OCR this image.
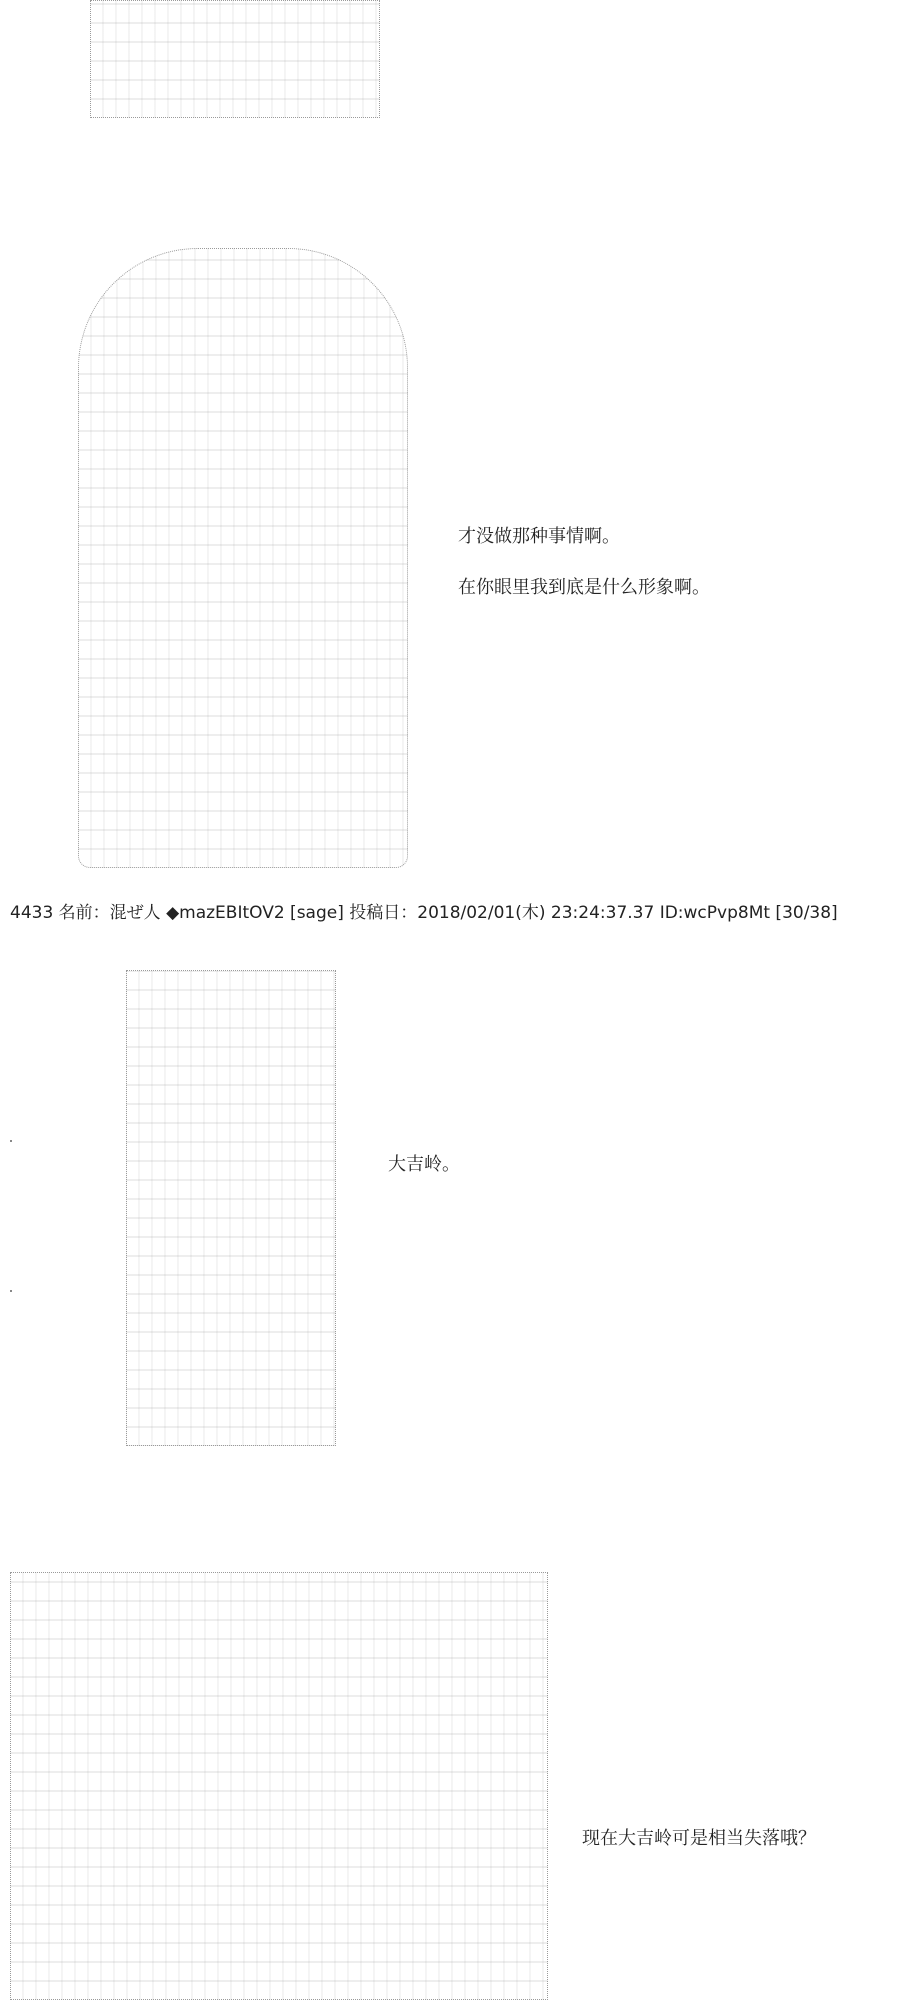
才没做那种事情啊。
在你眼里我到底是什么形象啊。
4433 名前：混ぜ人 ◆mazEBItOV2 [sage] 投稿日：2018/02/01(木) 23:24:37.37 ID:wcPvp8Mt [30/38]
大吉岭。
现在大吉岭可是相当失落哦？
